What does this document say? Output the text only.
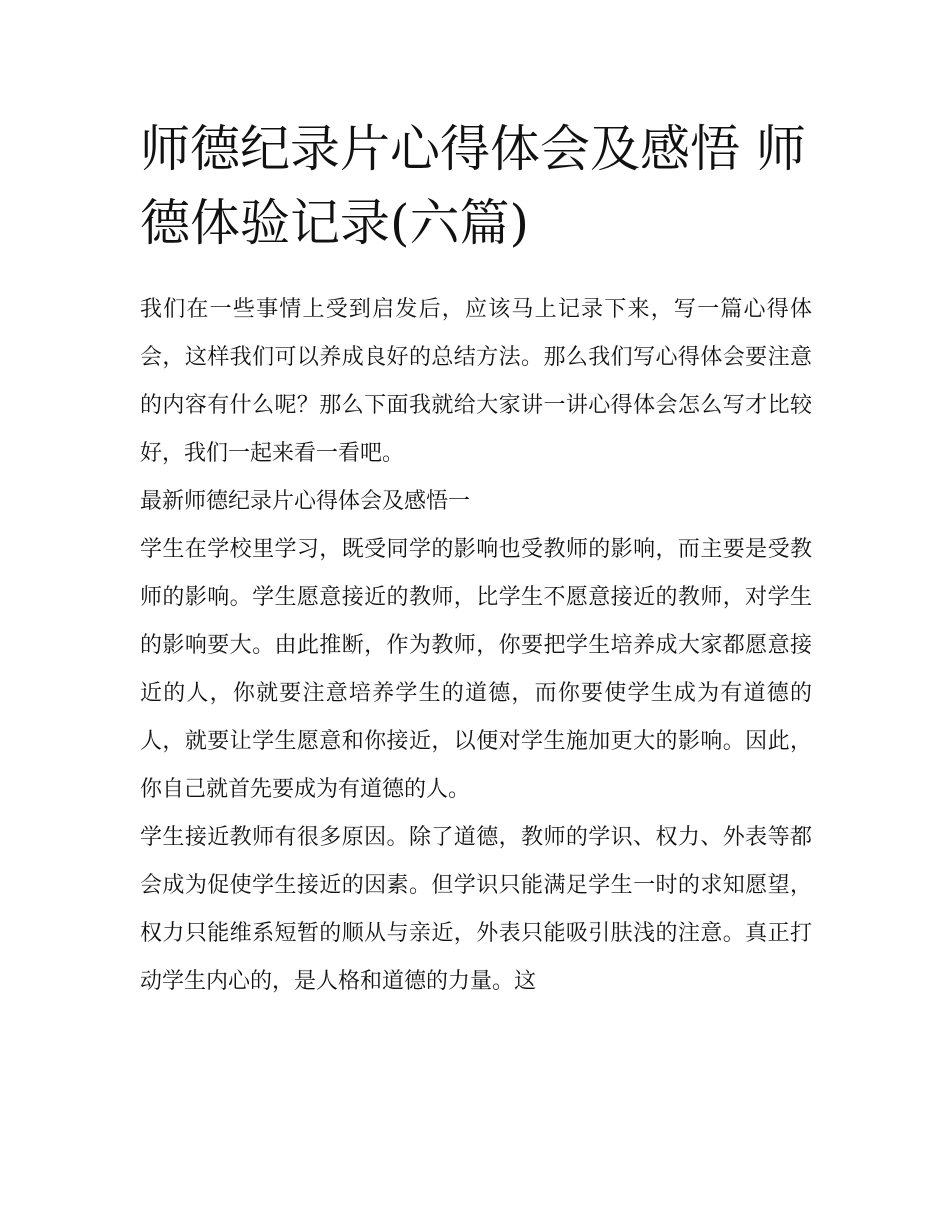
师德纪录片心得体会及感悟 师德体验记录(六篇)

我们在一些事情上受到启发后，应该马上记录下来，写一篇心得体会，这样我们可以养成良好的总结方法。那么我们写心得体会要注意的内容有什么呢？那么下面我就给大家讲一讲心得体会怎么写才比较好，我们一起来看一看吧。

最新师德纪录片心得体会及感悟一

学生在学校里学习，既受同学的影响也受教师的影响，而主要是受教师的影响。学生愿意接近的教师，比学生不愿意接近的教师，对学生的影响要大。由此推断，作为教师，你要把学生培养成大家都愿意接近的人，你就要注意培养学生的道德，而你要使学生成为有道德的人，就要让学生愿意和你接近，以便对学生施加更大的影响。因此，你自己就首先要成为有道德的人。

学生接近教师有很多原因。除了道德，教师的学识、权力、外表等都会成为促使学生接近的因素。但学识只能满足学生一时的求知愿望，权力只能维系短暂的顺从与亲近，外表只能吸引肤浅的注意。真正打动学生内心的，是人格和道德的力量。这
